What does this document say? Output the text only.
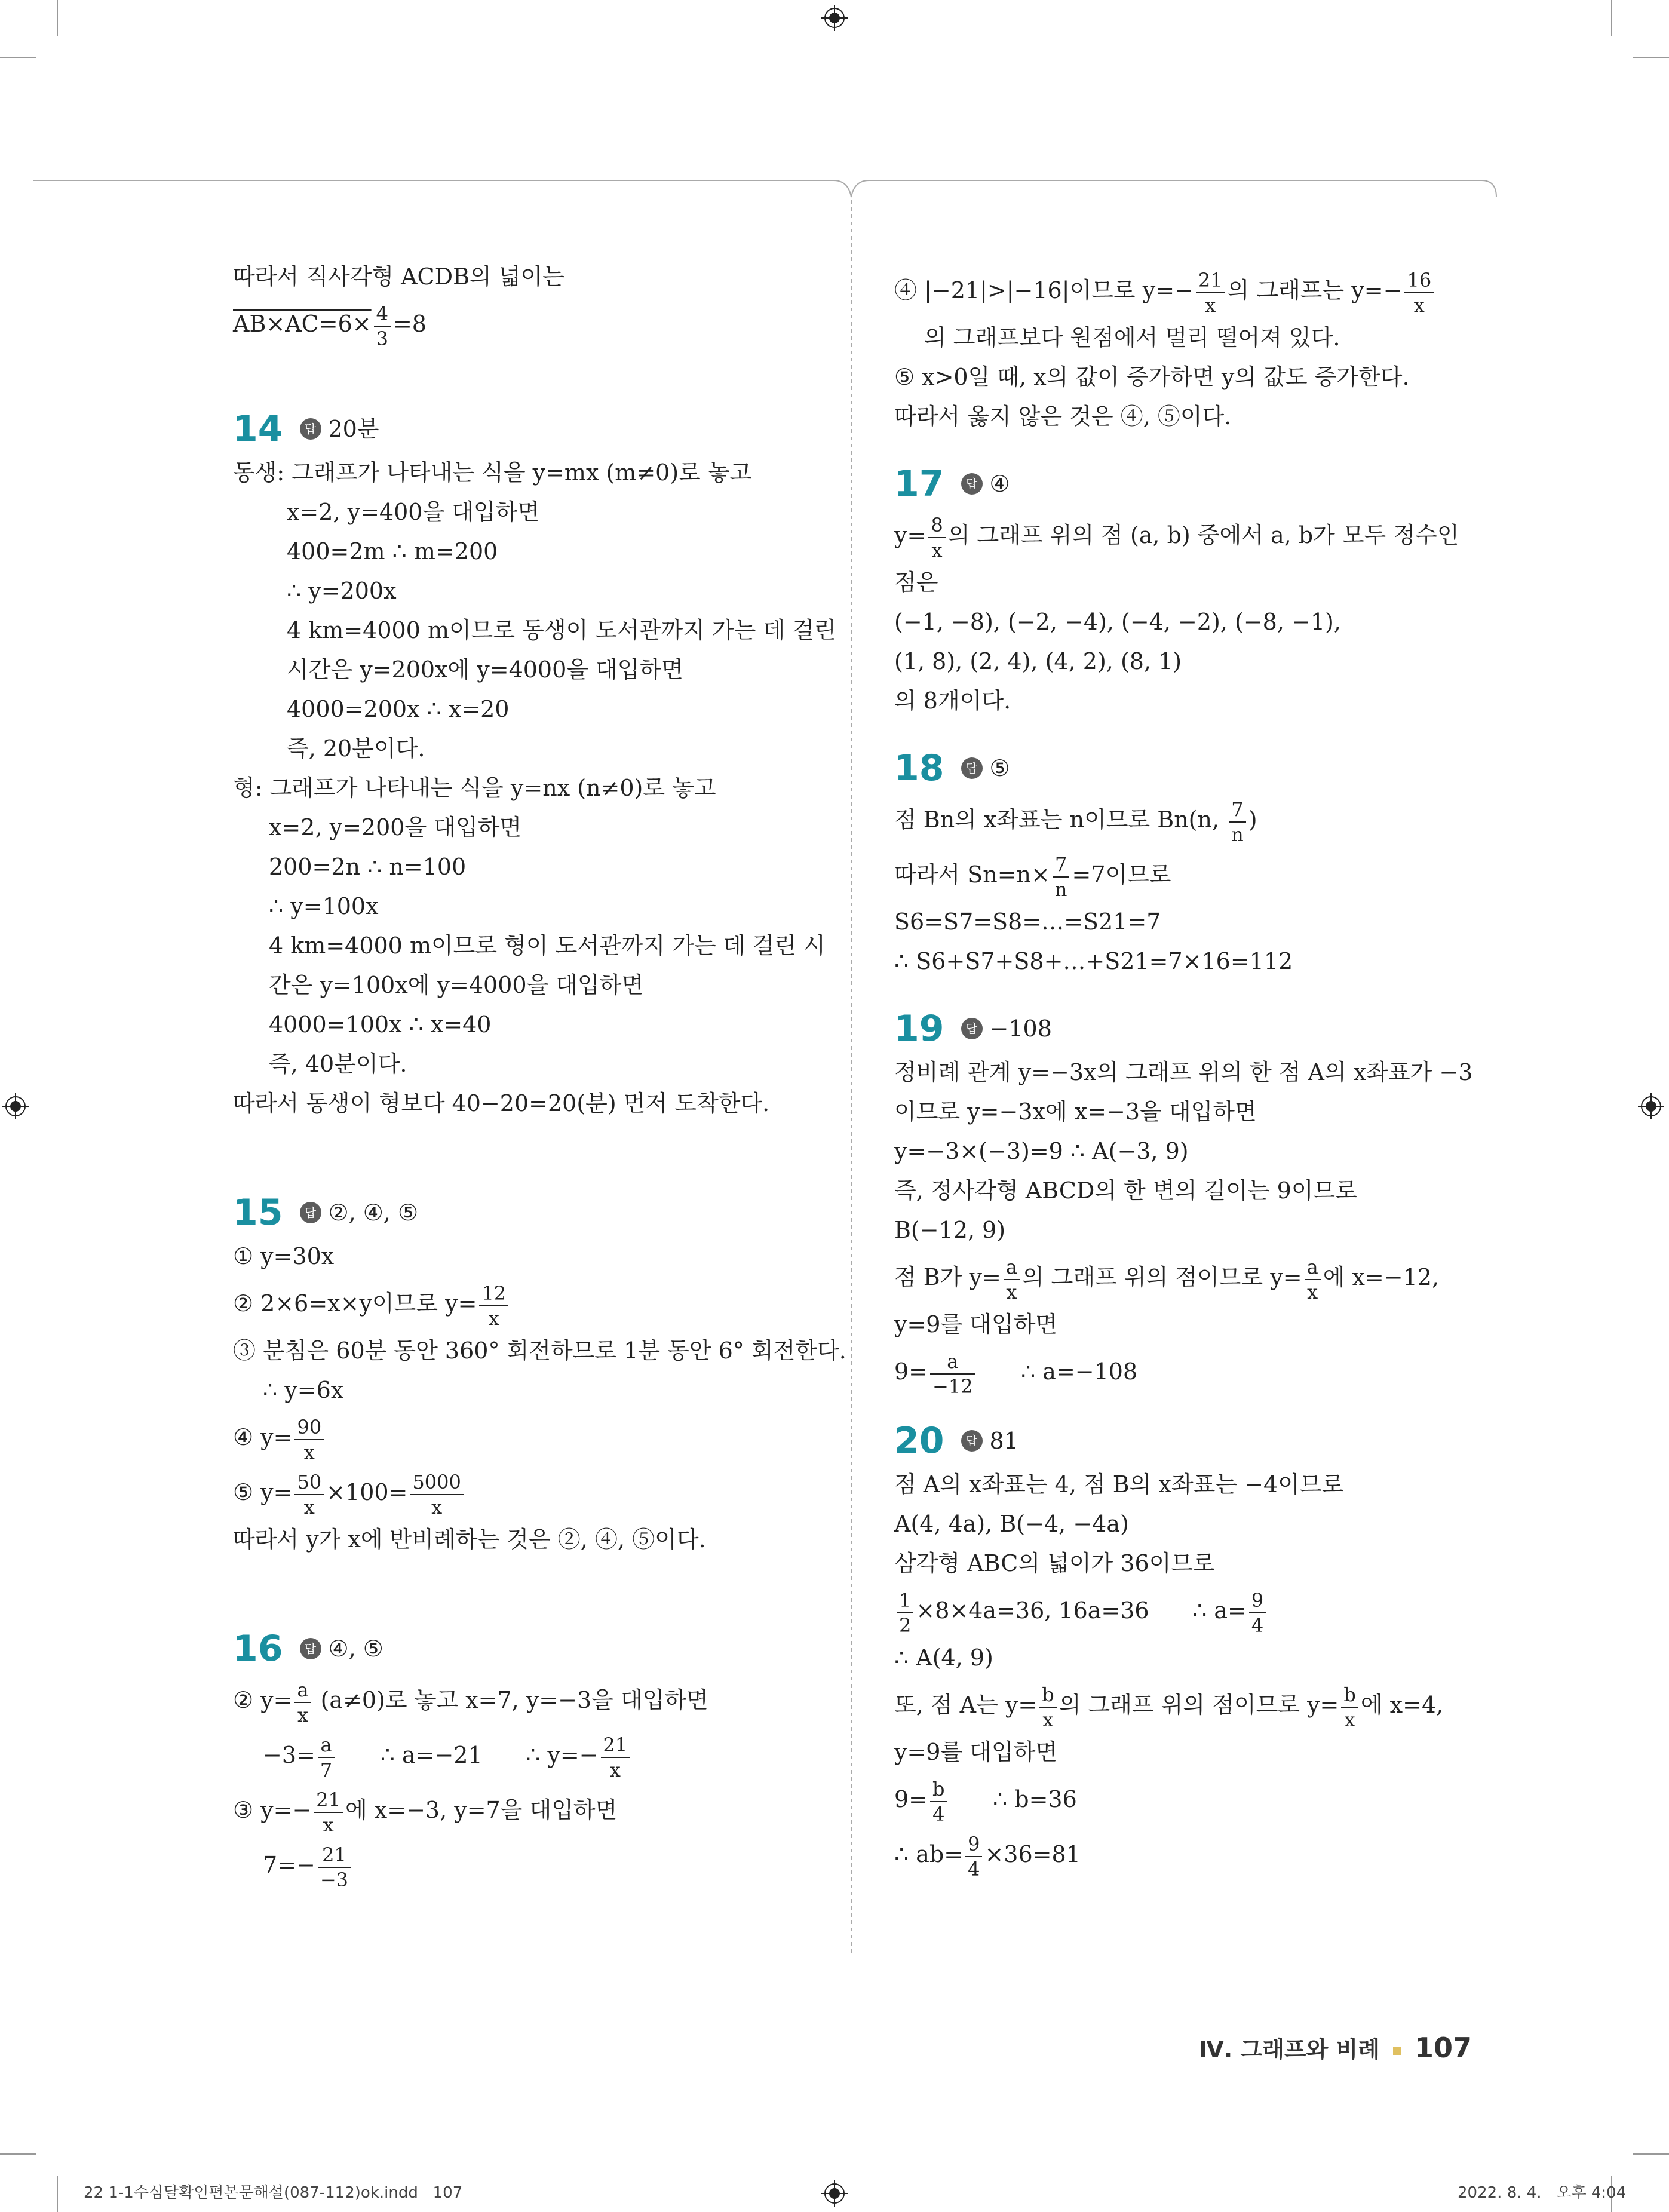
따라서 직사각형 ACDB의 넓이는
$AB\times AC=6\times \frac{4}{3} =8$
14	답 20분
동생: 그래프가 나타내는 식을 y=mx (m≠0)로 놓고
x=2, y=400을 대입하면
400=2m ∴ m=200
∴ y=200x
4 km=4000 m이므로 동생이 도서관까지 가는 데 걸린
시간은 y=200x에 y=4000을 대입하면
4000=200x ∴ x=20
즉, 20분이다.
형: 그래프가 나타내는 식을 y=nx (n≠0)로 놓고
x=2, y=200을 대입하면
200=2n ∴ n=100
∴ y=100x
4 km=4000 m이므로 형이 도서관까지 가는 데 걸린 시
간은 y=100x에 y=4000을 대입하면
4000=100x ∴ x=40
즉, 40분이다.
따라서 동생이 형보다 40−20=20(분) 먼저 도착한다.
15	답 ②, ④, ⑤
① y=30x
② 2×6=x×y이므로 $y= \frac{12}{x}$
③ 분침은 60분 동안 360° 회전하므로 1분 동안 6° 회전한다.
∴ y=6x
④ $y= \frac{90}{x}$
⑤ $y= \frac{50}{x} \times 100= \frac{5000}{x}$
따라서 y가 x에 반비례하는 것은 ②, ④, ⑤이다.
16	답 ④, ⑤
② $y= \frac{a}{x} (a\ne 0)$로 놓고 x=7, y=−3을 대입하면
$-3= \frac{a}{7}$ ∴ a=−21      ∴ $y=- \frac{21}{x}$
③ $y=- \frac{21}{x}$ 에 x=−3, y=7을 대입하면
$7=- \frac{21}{-3}$
④ |−21|>|−16|이므로 $y=- \frac{21}{x}$ 의 그래프는 $y=- \frac{16}{x}$
의 그래프보다 원점에서 멀리 떨어져 있다.
⑤ x>0일 때, x의 값이 증가하면 y의 값도 증가한다.
따라서 옳지 않은 것은 ④, ⑤이다.
17	답 ④
$y= \frac{8}{x}$ 의 그래프 위의 점 (a, b) 중에서 a, b가 모두 정수인
점은
(−1, −8), (−2, −4), (−4, −2), (−8, −1),
(1, 8), (2, 4), (4, 2), (8, 1)
의 8개이다.
18	답 ⑤
점 Bn의 x좌표는 n이므로 Bn(n, $\frac{7}{n}$ )
따라서 $Sn=n\times \frac{7}{n} =7$이므로
S6=S7=S8=…=S21=7
∴ S6+S7+S8+…+S21=7×16=112
19	답 −108
정비례 관계 y=−3x의 그래프 위의 한 점 A의 x좌표가 −3
이므로 y=−3x에 x=−3을 대입하면
y=−3×(−3)=9 ∴ A(−3, 9)
즉, 정사각형 ABCD의 한 변의 길이는 9이므로
B(−12, 9)
점 B가 $y= \frac{a}{x}$ 의 그래프 위의 점이므로 $y= \frac{a}{x}$ 에 x=−12,
y=9를 대입하면
$9= \frac{a}{-12}$ ∴ a=−108
20	답 81
점 A의 x좌표는 4, 점 B의 x좌표는 −4이므로
A(4, 4a), B(−4, −4a)
삼각형 ABC의 넓이가 36이므로
$\frac{1}{2} \times 8\times 4a=36$, 16a=36      ∴ $a= \frac{9}{4}$
∴ A(4, 9)
또, 점 A는 $y= \frac{b}{x}$ 의 그래프 위의 점이므로 $y= \frac{b}{x}$ 에 x=4,
y=9를 대입하면
$9= \frac{b}{4}$ ∴ b=36
∴ $ab= \frac{9}{4} \times 36=81$
Ⅳ. 그래프와 비례 107
22 1-1수심달확인편본문해설(087-112)ok.indd   107	2022. 8. 4.   오후 4:04
